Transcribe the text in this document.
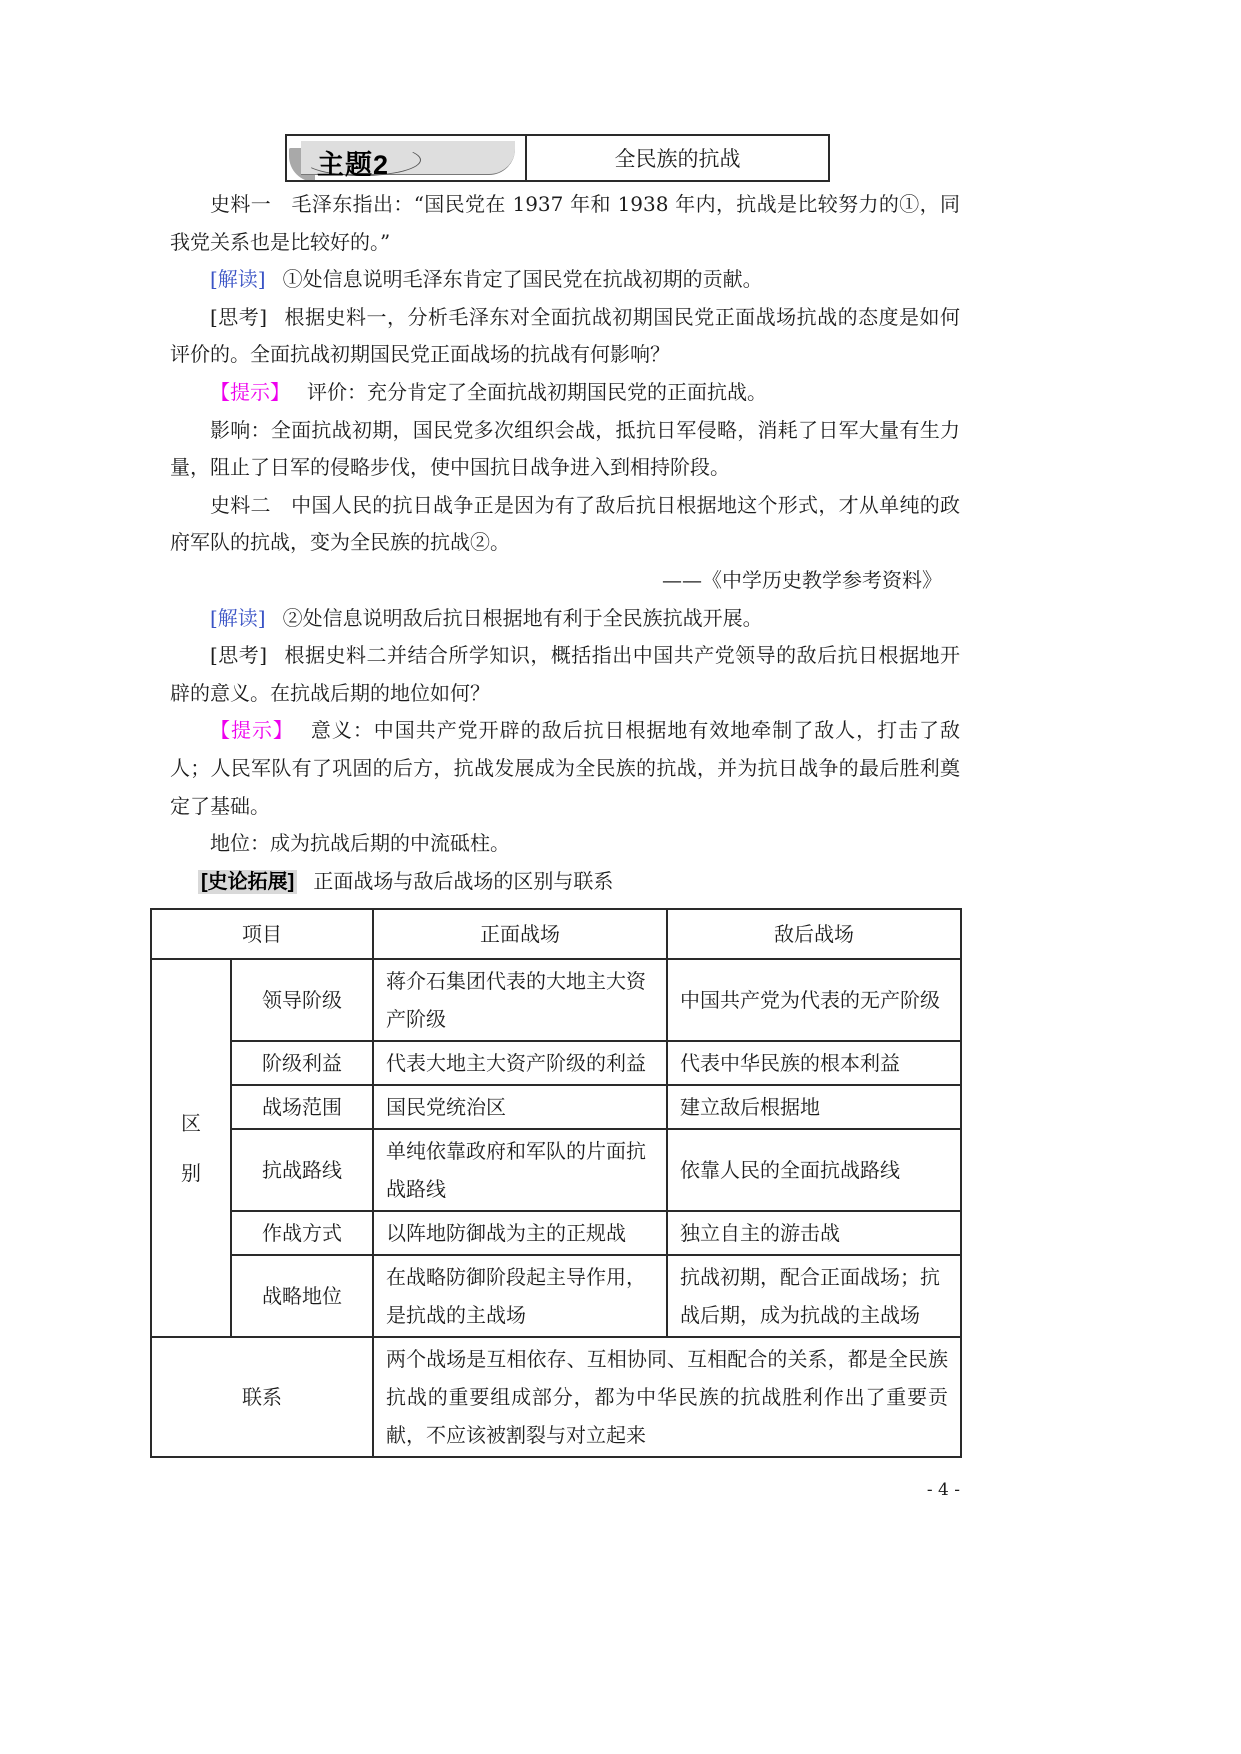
主题2	全民族的抗战

史料一　毛泽东指出：“国民党在 1937 年和 1938 年内，抗战是比较努力的①，同我党关系也是比较好的。”

[解读] ①处信息说明毛泽东肯定了国民党在抗战初期的贡献。

[思考] 根据史料一，分析毛泽东对全面抗战初期国民党正面战场抗战的态度是如何评价的。全面抗战初期国民党正面战场的抗战有何影响？

【提示】 评价：充分肯定了全面抗战初期国民党的正面抗战。

影响：全面抗战初期，国民党多次组织会战，抵抗日军侵略，消耗了日军大量有生力量，阻止了日军的侵略步伐，使中国抗日战争进入到相持阶段。

史料二　中国人民的抗日战争正是因为有了敌后抗日根据地这个形式，才从单纯的政府军队的抗战，变为全民族的抗战②。

——《中学历史教学参考资料》

[解读] ②处信息说明敌后抗日根据地有利于全民族抗战开展。

[思考] 根据史料二并结合所学知识，概括指出中国共产党领导的敌后抗日根据地开辟的意义。在抗战后期的地位如何？

【提示】 意义：中国共产党开辟的敌后抗日根据地有效地牵制了敌人，打击了敌人；人民军队有了巩固的后方，抗战发展成为全民族的抗战，并为抗日战争的最后胜利奠定了基础。

地位：成为抗战后期的中流砥柱。

[史论拓展] 正面战场与敌后战场的区别与联系

项目		正面战场	敌后战场
区别	领导阶级	蒋介石集团代表的大地主大资产阶级	中国共产党为代表的无产阶级
	阶级利益	代表大地主大资产阶级的利益	代表中华民族的根本利益
	战场范围	国民党统治区	建立敌后根据地
	抗战路线	单纯依靠政府和军队的片面抗战路线	依靠人民的全面抗战路线
	作战方式	以阵地防御战为主的正规战	独立自主的游击战
	战略地位	在战略防御阶段起主导作用，是抗战的主战场	抗战初期，配合正面战场；抗战后期，成为抗战的主战场
联系		两个战场是互相依存、互相协同、互相配合的关系，都是全民族抗战的重要组成部分，都为中华民族的抗战胜利作出了重要贡献，不应该被割裂与对立起来	
- 4 -
